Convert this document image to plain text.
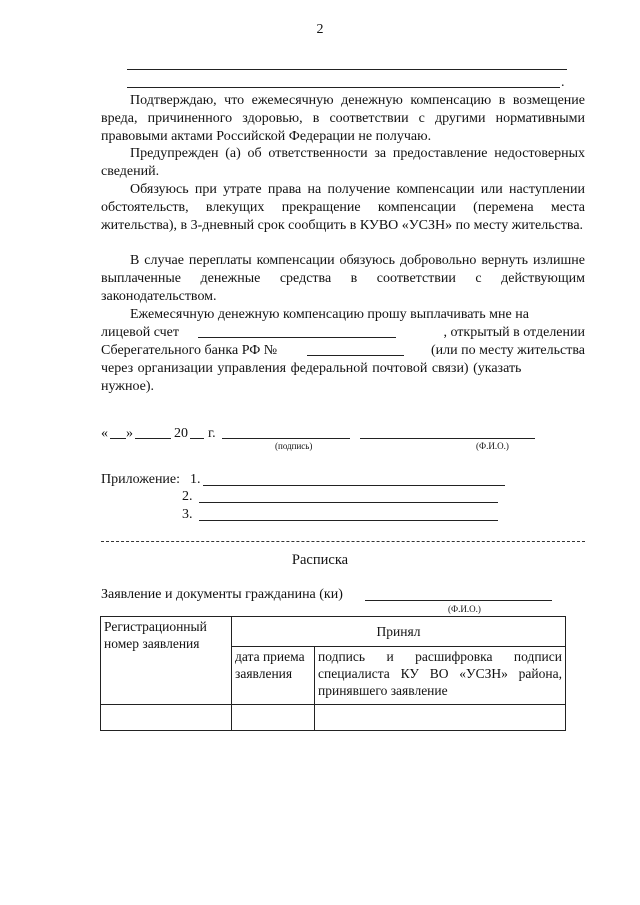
2
.

Подтверждаю, что ежемесячную денежную компенсацию в возмещение вреда, причиненного здоровью, в соответствии с другими нормативными правовыми актами Российской Федерации не получаю.

Предупрежден (а) об ответственности за предоставление недостоверных сведений.

Обязуюсь при утрате права на получение компенсации или наступлении обстоятельств, влекущих прекращение компенсации (перемена места жительства), в 3-дневный срок сообщить в КУВО «УСЗН» по месту жительства.

В случае переплаты компенсации обязуюсь добровольно вернуть излишне выплаченные денежные средства в соответствии с действующим законодательством.

Ежемесячную денежную компенсацию прошу выплачивать мне на
лицевой счет	, открытый в отделении
Сберегательного банка РФ №	(или по месту жительства
через организации управления федеральной почтовой связи) (указать
нужное).
« »	20 г.
(подпись)	(Ф.И.О.)
Приложение: 1.
2.
3.
Расписка
Заявление и документы гражданина (ки)
(Ф.И.О.)
Регистрационный номер заявления	Принял	
	дата приема заявления	подпись и расшифровка подписи специалиста КУ ВО «УСЗН» района, принявшего заявление
